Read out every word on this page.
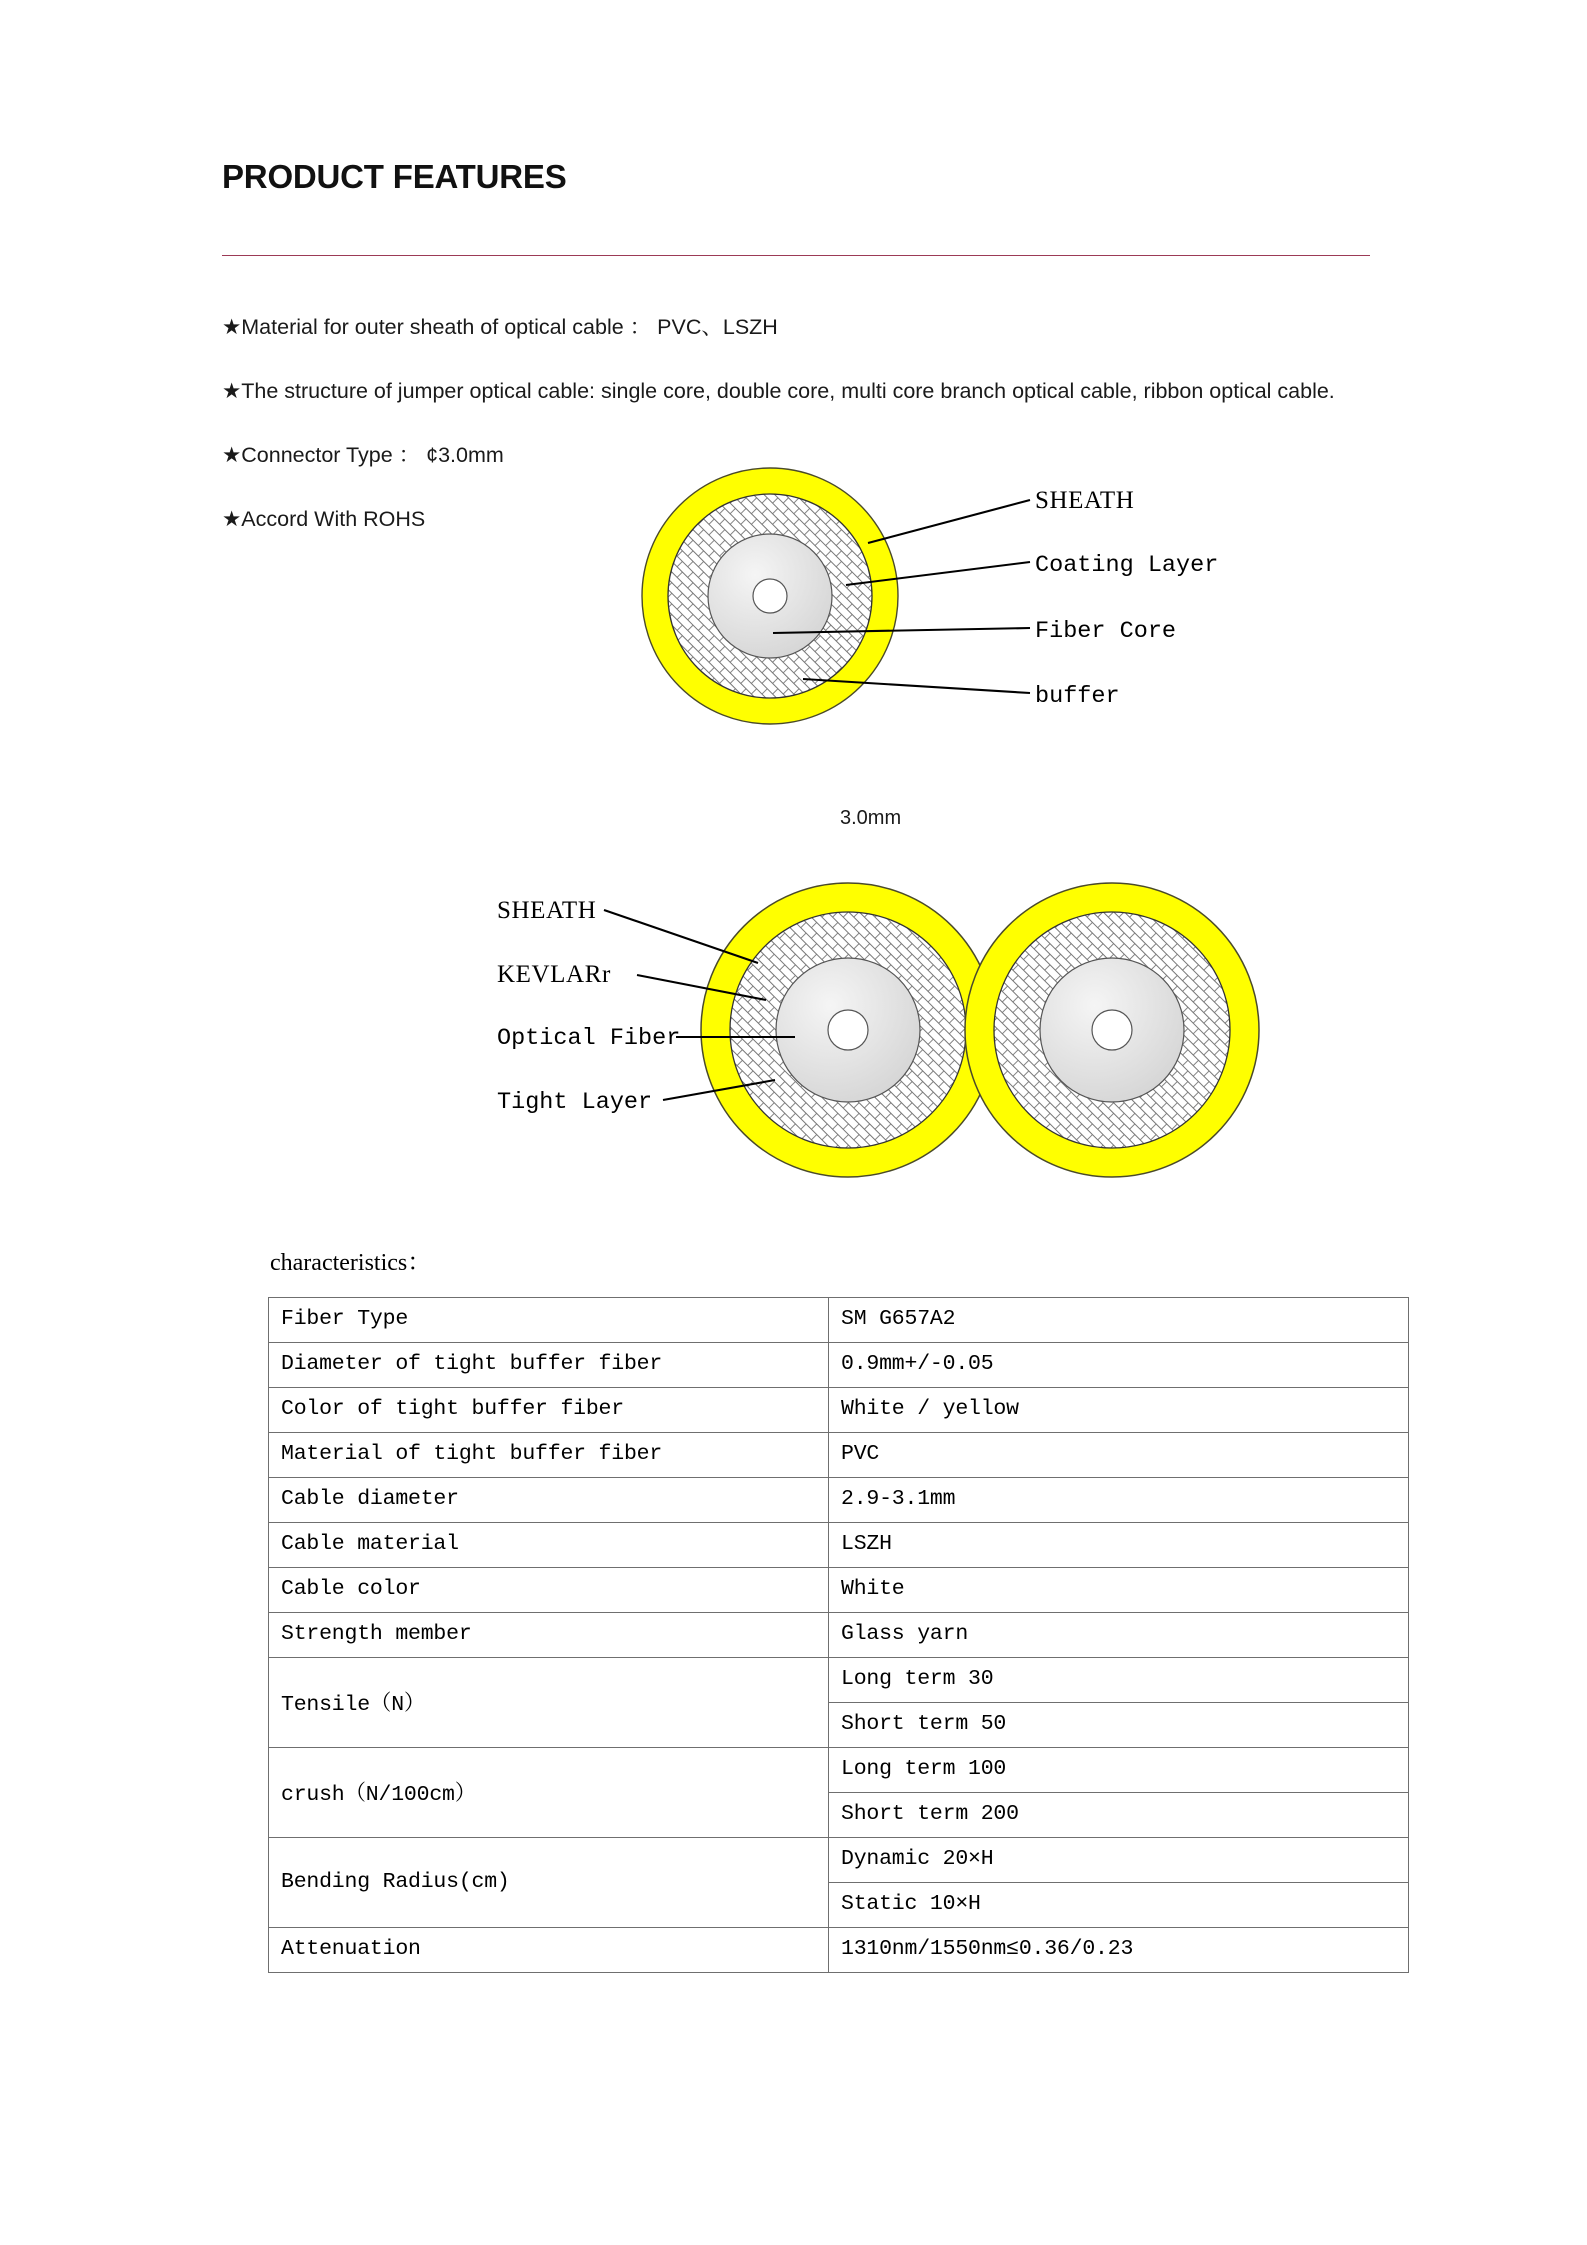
PRODUCT FEATURES
★Material for outer sheath of optical cable ： PVC、LSZH
★The structure of jumper optical cable: single core, double core, multi core branch optical cable, ribbon optical cable.
★Connector Type ： ¢3.0mm
★Accord With ROHS
SHEATH
Coating Layer
Fiber Core
buffer
3.0mm
SHEATH
KEVLARr
Optical Fiber
Tight Layer
characteristics：
Fiber Type	SM G657A2
Diameter of tight buffer fiber	0.9mm+/-0.05
Color of tight buffer fiber	White / yellow
Material of tight buffer fiber	PVC
Cable diameter	2.9-3.1mm
Cable material	LSZH
Cable color	White
Strength member	Glass yarn
Tensile（N）	Long term 30
	Short term 50
crush（N/100cm）	Long term 100
	Short term 200
Bending Radius(cm)	Dynamic 20×H
	Static 10×H
Attenuation	1310nm/1550nm≤0.36/0.23
